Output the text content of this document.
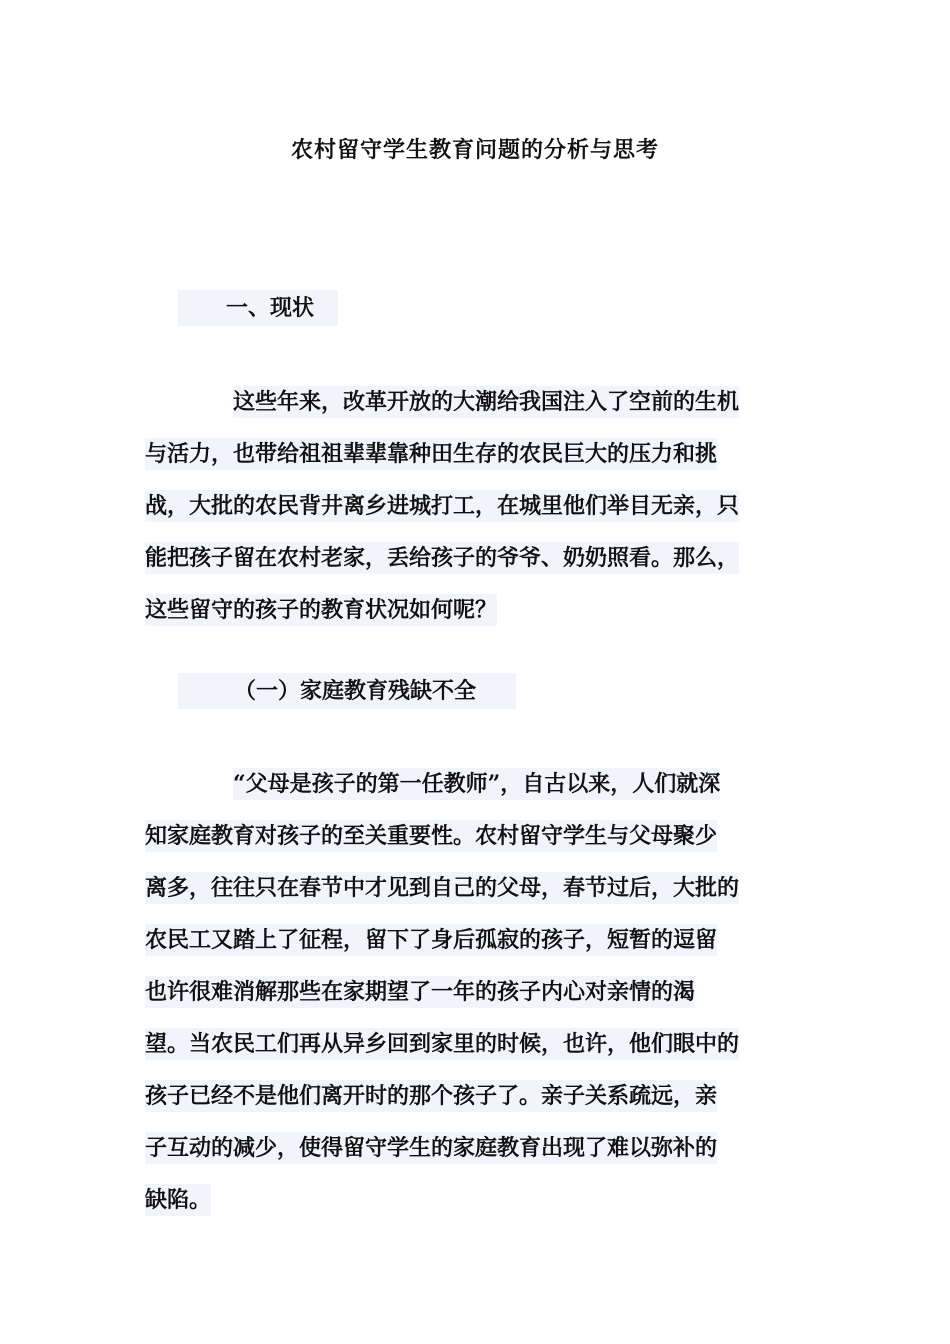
农村留守学生教育问题的分析与思考
一、现状
这些年来，改革开放的大潮给我国注入了空前的生机
与活力，也带给祖祖辈辈靠种田生存的农民巨大的压力和挑
战，大批的农民背井离乡进城打工，在城里他们举目无亲，只
能把孩子留在农村老家，丢给孩子的爷爷、奶奶照看。那么，
这些留守的孩子的教育状况如何呢？
（一）家庭教育残缺不全
“父母是孩子的第一任教师”，自古以来，人们就深
知家庭教育对孩子的至关重要性。农村留守学生与父母聚少
离多，往往只在春节中才见到自己的父母，春节过后，大批的
农民工又踏上了征程，留下了身后孤寂的孩子，短暂的逗留
也许很难消解那些在家期望了一年的孩子内心对亲情的渴
望。当农民工们再从异乡回到家里的时候，也许，他们眼中的
孩子已经不是他们离开时的那个孩子了。亲子关系疏远，亲
子互动的减少，使得留守学生的家庭教育出现了难以弥补的
缺陷。
